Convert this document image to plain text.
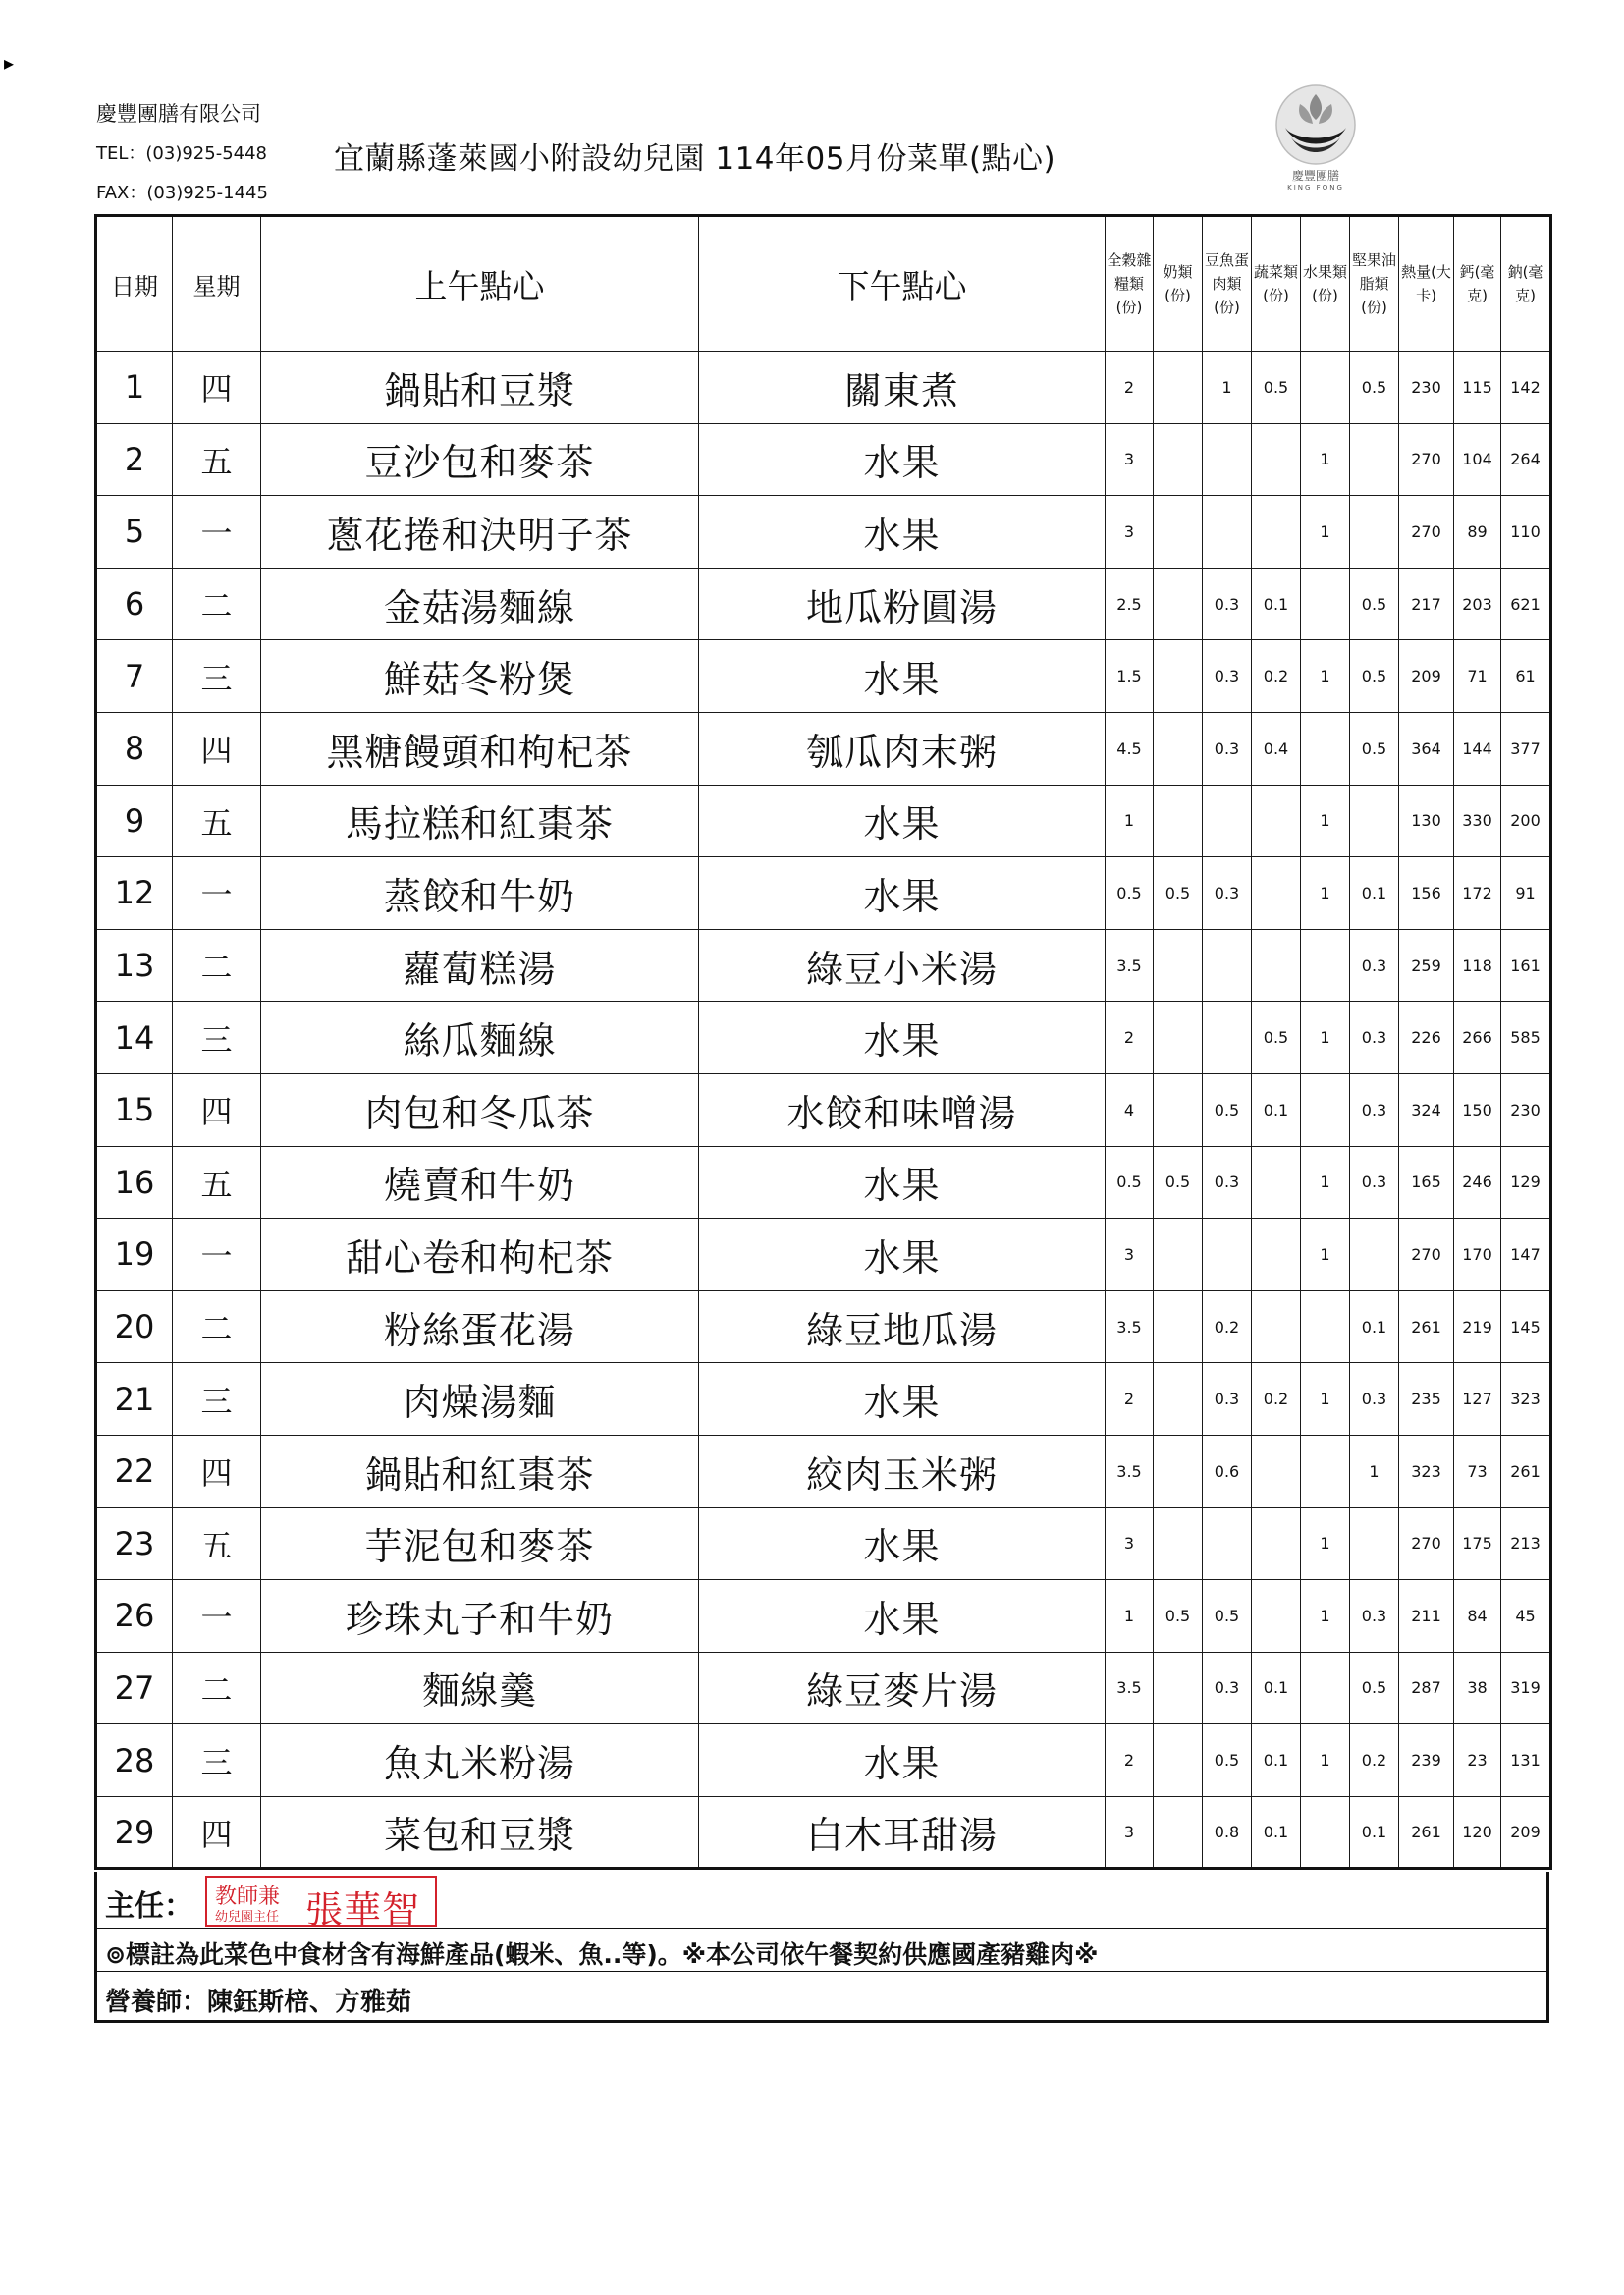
▸
慶豐團膳有限公司
TEL：(03)925-5448
FAX：(03)925-1445
宜蘭縣蓬萊國小附設幼兒園 114年05月份菜單(點心)	慶豐團膳
KING FONG
日期	星期	上午點心	下午點心	全穀雜糧類(份)	奶類(份)	豆魚蛋肉類(份)	蔬菜類(份)	水果類(份)	堅果油脂類(份)	熱量(大卡)	鈣(毫克)	鈉(毫克)
1	四	鍋貼和豆漿	關東煮	2		1	0.5		0.5	230	115	142
2	五	豆沙包和麥茶	水果	3				1		270	104	264
5	一	蔥花捲和決明子茶	水果	3				1		270	89	110
6	二	金菇湯麵線	地瓜粉圓湯	2.5		0.3	0.1		0.5	217	203	621
7	三	鮮菇冬粉煲	水果	1.5		0.3	0.2	1	0.5	209	71	61
8	四	黑糖饅頭和枸杞茶	瓠瓜肉末粥	4.5		0.3	0.4		0.5	364	144	377
9	五	馬拉糕和紅棗茶	水果	1				1		130	330	200
12	一	蒸餃和牛奶	水果	0.5	0.5	0.3		1	0.1	156	172	91
13	二	蘿蔔糕湯	綠豆小米湯	3.5					0.3	259	118	161
14	三	絲瓜麵線	水果	2			0.5	1	0.3	226	266	585
15	四	肉包和冬瓜茶	水餃和味噌湯	4		0.5	0.1		0.3	324	150	230
16	五	燒賣和牛奶	水果	0.5	0.5	0.3		1	0.3	165	246	129
19	一	甜心卷和枸杞茶	水果	3				1		270	170	147
20	二	粉絲蛋花湯	綠豆地瓜湯	3.5		0.2			0.1	261	219	145
21	三	肉燥湯麵	水果	2		0.3	0.2	1	0.3	235	127	323
22	四	鍋貼和紅棗茶	絞肉玉米粥	3.5		0.6			1	323	73	261
23	五	芋泥包和麥茶	水果	3				1		270	175	213
26	一	珍珠丸子和牛奶	水果	1	0.5	0.5		1	0.3	211	84	45
27	二	麵線羹	綠豆麥片湯	3.5		0.3	0.1		0.5	287	38	319
28	三	魚丸米粉湯	水果	2		0.5	0.1	1	0.2	239	23	131
29	四	菜包和豆漿	白木耳甜湯	3		0.8	0.1		0.1	261	120	209
主任： 教師兼
幼兒園主任 張華智
⊚標註為此菜色中食材含有海鮮產品(蝦米、魚..等)。※本公司依午餐契約供應國產豬雞肉※
營養師：陳鈺斯棓、方雅茹
